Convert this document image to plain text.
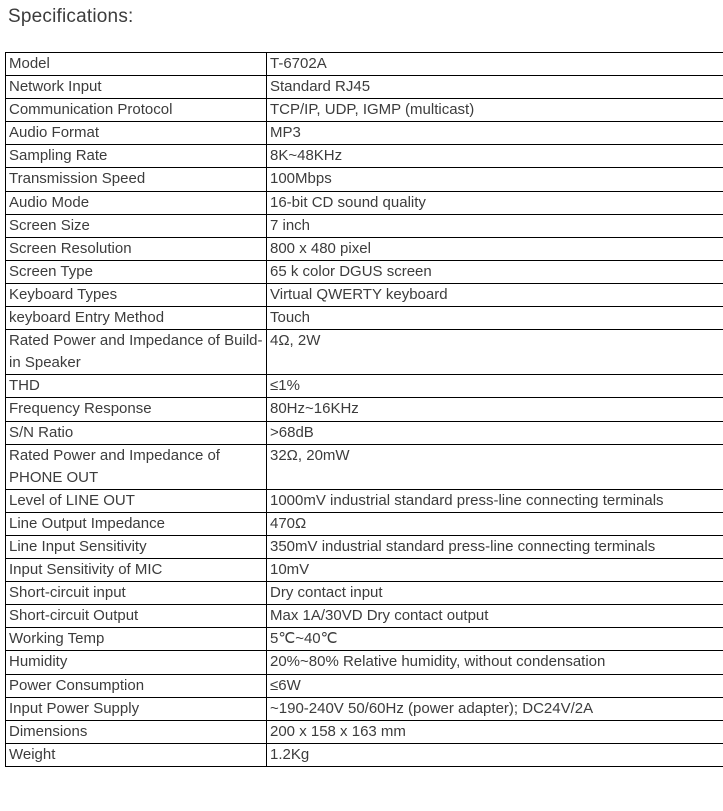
Specifications:
Model	T-6702A
Network Input	Standard RJ45
Communication Protocol	TCP/IP, UDP, IGMP (multicast)
Audio Format	MP3
Sampling Rate	8K~48KHz
Transmission Speed	100Mbps
Audio Mode	16-bit CD sound quality
Screen Size	7 inch
Screen Resolution	800 x 480 pixel
Screen Type	65 k color DGUS screen
Keyboard Types	Virtual QWERTY keyboard
keyboard Entry Method	Touch
Rated Power and Impedance of Build-in Speaker	4Ω, 2W
THD	≤1%
Frequency Response	80Hz~16KHz
S/N Ratio	>68dB
Rated Power and Impedance of PHONE OUT	32Ω, 20mW
Level of LINE OUT	1000mV industrial standard press-line connecting terminals
Line Output Impedance	470Ω
Line Input Sensitivity	350mV industrial standard press-line connecting terminals
Input Sensitivity of MIC	10mV
Short-circuit input	Dry contact input
Short-circuit Output	Max 1A/30VD Dry contact output
Working Temp	5℃~40℃
Humidity	20%~80% Relative humidity, without condensation
Power Consumption	≤6W
Input Power Supply	~190-240V 50/60Hz (power adapter); DC24V/2A
Dimensions	200 x 158 x 163 mm
Weight	1.2Kg
